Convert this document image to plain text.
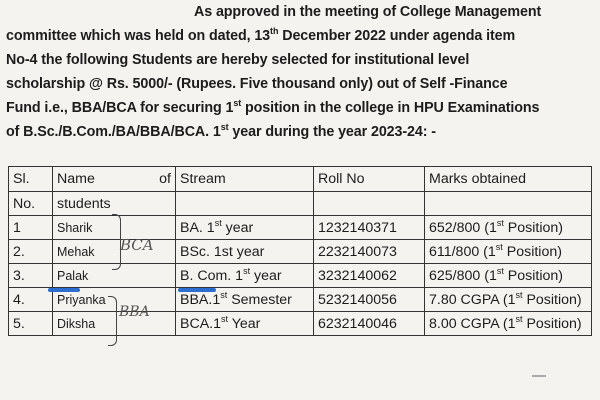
As approved in the meeting of College Management
committee which was held on dated, 13th December 2022 under agenda item
No-4 the following Students are hereby selected for institutional level
scholarship @ Rs. 5000/- (Rupees. Five thousand only) out of Self -Finance
Fund i.e., BBA/BCA for securing 1st position in the college in HPU Examinations
of B.Sc./B.Com./BA/BBA/BCA. 1st year during the year 2023-24: -
Sl.	Name of	Stream	Roll No	Marks obtained
No.	students			
1	Sharik	BA. 1st year	1232140371	652/800 (1st Position)
2.	Mehak	BSc. 1st year	2232140073	611/800 (1st Position)
3.	Palak	B. Com. 1st year	3232140062	625/800 (1st Position)
4.	Priyanka	BBA.1st Semester	5232140056	7.80 CGPA (1st Position)
5.	Diksha	BCA.1st Year	6232140046	8.00 CGPA (1st Position)
BCA
BBA
